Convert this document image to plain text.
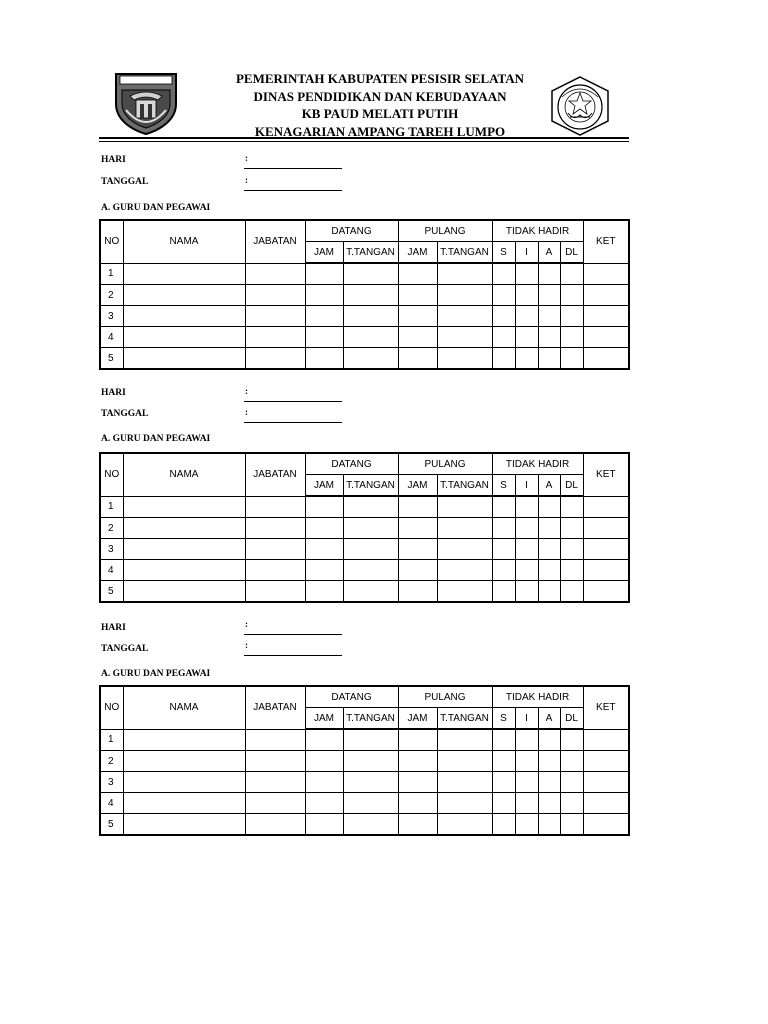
PEMERINTAH KABUPATEN PESISIR SELATAN
DINAS PENDIDIKAN DAN KEBUDAYAAN
KB PAUD MELATI PUTIH
KENAGARIAN AMPANG TAREH LUMPO
HARI	:
TANGGAL	:
A. GURU DAN PEGAWAI
NO	NAMA	JABATAN	DATANG		PULANG		TIDAK HADIR				KET
			JAM	T.TANGAN	JAM	T.TANGAN	S	I	A	DL	
1											
2											
3											
4											
5											
HARI	:
TANGGAL	:
A. GURU DAN PEGAWAI
NO	NAMA	JABATAN	DATANG		PULANG		TIDAK HADIR				KET
			JAM	T.TANGAN	JAM	T.TANGAN	S	I	A	DL	
1											
2											
3											
4											
5											
HARI	:
TANGGAL	:
A. GURU DAN PEGAWAI
NO	NAMA	JABATAN	DATANG		PULANG		TIDAK HADIR				KET
			JAM	T.TANGAN	JAM	T.TANGAN	S	I	A	DL	
1											
2											
3											
4											
5											
